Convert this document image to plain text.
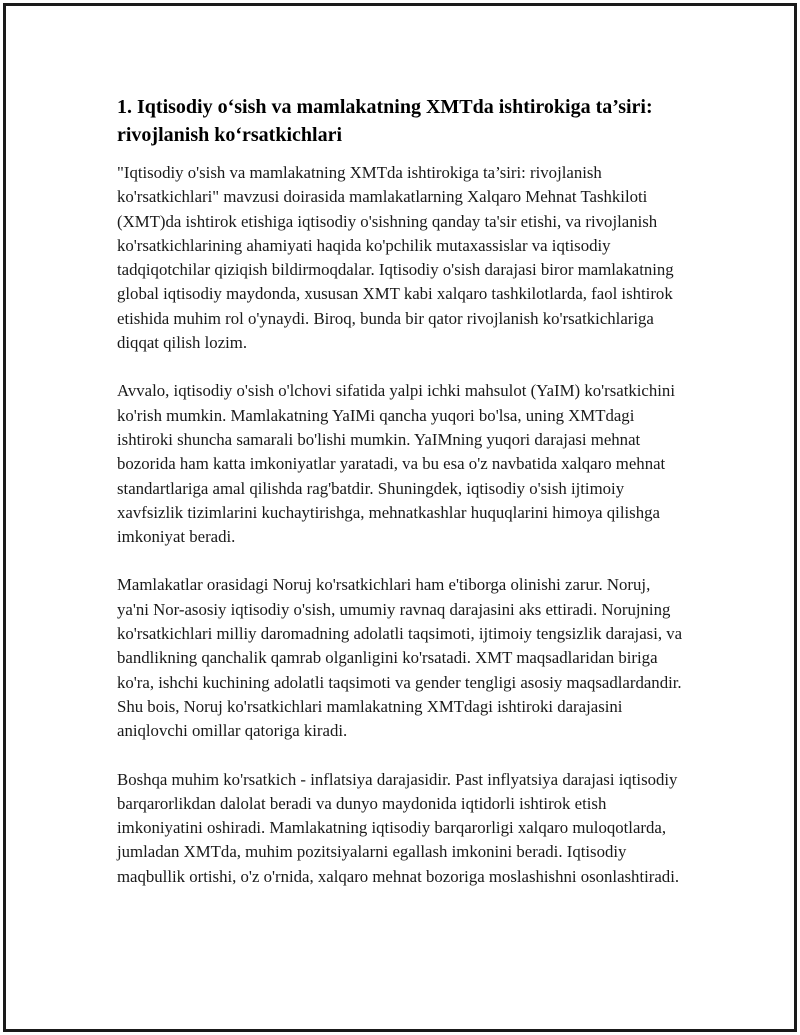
1. Iqtisodiy o‘sish va mamlakatning XMTda ishtirokiga ta’siri: rivojlanish ko‘rsatkichlari

"Iqtisodiy o'sish va mamlakatning XMTda ishtirokiga ta’siri: rivojlanish ko'rsatkichlari" mavzusi doirasida mamlakatlarning Xalqaro Mehnat Tashkiloti (XMT)da ishtirok etishiga iqtisodiy o'sishning qanday ta'sir etishi, va rivojlanish ko'rsatkichlarining ahamiyati haqida ko'pchilik mutaxassislar va iqtisodiy tadqiqotchilar qiziqish bildirmoqdalar. Iqtisodiy o'sish darajasi biror mamlakatning global iqtisodiy maydonda, xususan XMT kabi xalqaro tashkilotlarda, faol ishtirok etishida muhim rol o'ynaydi. Biroq, bunda bir qator rivojlanish ko'rsatkichlariga diqqat qilish lozim.

Avvalo, iqtisodiy o'sish o'lchovi sifatida yalpi ichki mahsulot (YaIM) ko'rsatkichini ko'rish mumkin. Mamlakatning YaIMi qancha yuqori bo'lsa, uning XMTdagi ishtiroki shuncha samarali bo'lishi mumkin. YaIMning yuqori darajasi mehnat bozorida ham katta imkoniyatlar yaratadi, va bu esa o'z navbatida xalqaro mehnat standartlariga amal qilishda rag'batdir. Shuningdek, iqtisodiy o'sish ijtimoiy xavfsizlik tizimlarini kuchaytirishga, mehnatkashlar huquqlarini himoya qilishga imkoniyat beradi.

Mamlakatlar orasidagi Noruj ko'rsatkichlari ham e'tiborga olinishi zarur. Noruj, ya'ni Nor-asosiy iqtisodiy o'sish, umumiy ravnaq darajasini aks ettiradi. Norujning ko'rsatkichlari milliy daromadning adolatli taqsimoti, ijtimoiy tengsizlik darajasi, va bandlikning qanchalik qamrab olganligini ko'rsatadi. XMT maqsadlaridan biriga ko'ra, ishchi kuchining adolatli taqsimoti va gender tengligi asosiy maqsadlardandir. Shu bois, Noruj ko'rsatkichlari mamlakatning XMTdagi ishtiroki darajasini aniqlovchi omillar qatoriga kiradi.

Boshqa muhim ko'rsatkich - inflatsiya darajasidir. Past inflyatsiya darajasi iqtisodiy barqarorlikdan dalolat beradi va dunyo maydonida iqtidorli ishtirok etish imkoniyatini oshiradi. Mamlakatning iqtisodiy barqarorligi xalqaro muloqotlarda, jumladan XMTda, muhim pozitsiyalarni egallash imkonini beradi. Iqtisodiy maqbullik ortishi, o'z o'rnida, xalqaro mehnat bozoriga moslashishni osonlashtiradi.
